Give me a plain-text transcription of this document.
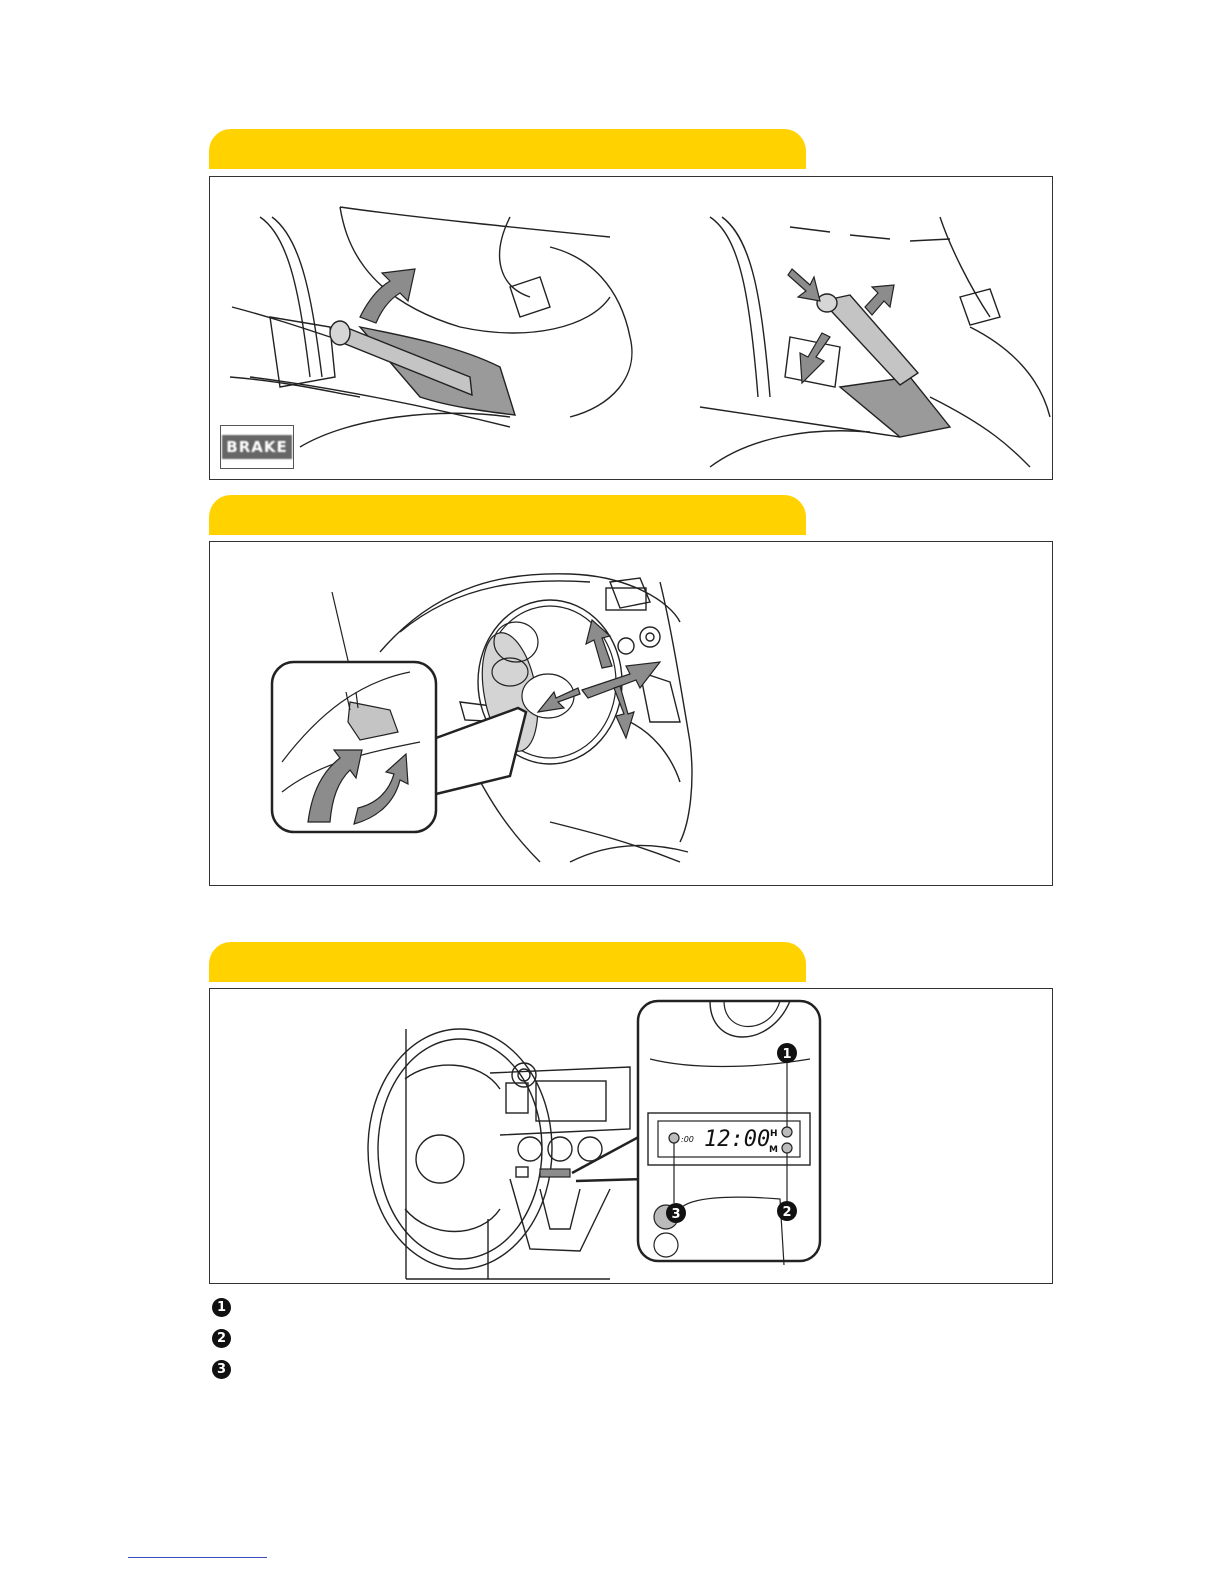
BRAKE
12:00
:00
H
M
1
2
3
1
2
3
